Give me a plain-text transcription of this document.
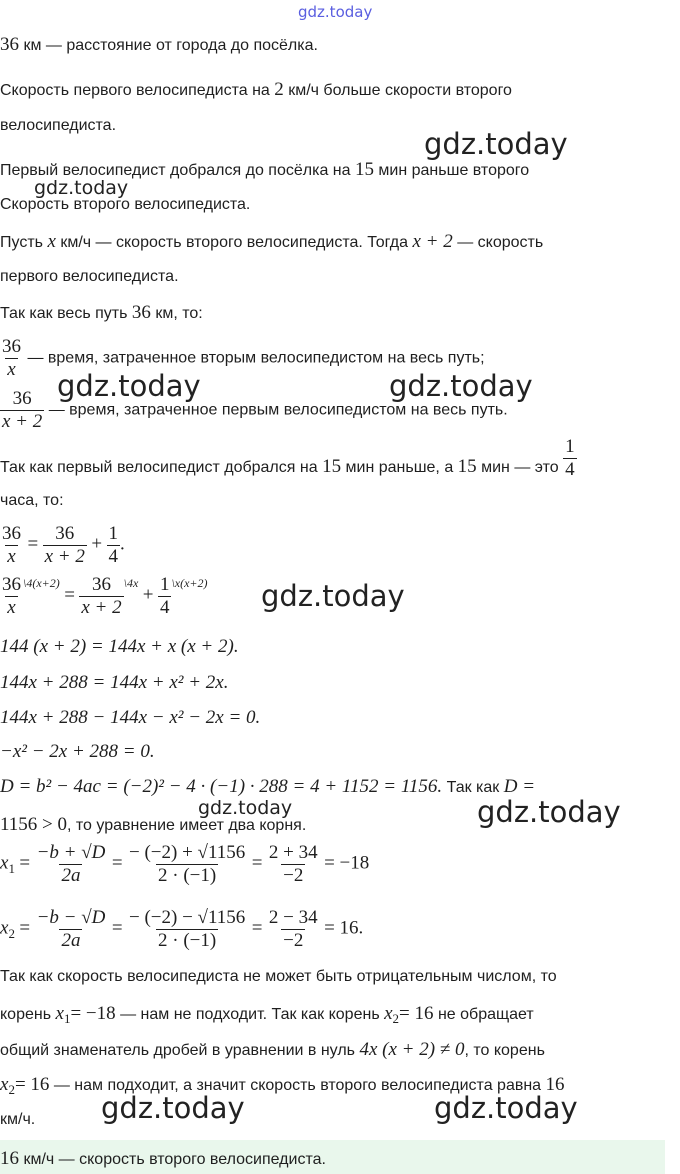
gdz.today
gdz.today
gdz.today
gdz.today	gdz.today
gdz.today
gdz.today	gdz.today
gdz.today	gdz.today
36 км — расстояние от города до посёлка.
Скорость первого велосипедиста на 2 км/ч больше скорости второго
велосипедиста.
Первый велосипедист добрался до посёлка на 15 мин раньше второго
Скорость второго велосипедиста.
Пусть x км/ч — скорость второго велосипедиста. Тогда x + 2 — скорость
первого велосипедиста.
Так как весь путь 36 км, то:
$\frac{36}{x}$ — время, затраченное вторым велосипедистом на весь путь;
$\frac{36}{x + 2}$ — время, затраченное первым велосипедистом на весь путь.
Так как первый велосипедист добрался на 15 мин раньше, а 15 мин — это $\frac{1}{4}$
часа, то:
$\frac{36}{x} = \frac{36}{x + 2} + \frac{1}{4}$ .
$\frac{36}{x} ^{\backslash 4(x+2)} = \frac{36}{x + 2} ^{\backslash 4x} + \frac{1}{4} ^{\backslash x(x+2)}$
144 (x + 2) = 144x + x (x + 2).
144x + 288 = 144x + x² + 2x.
144x + 288 − 144x − x² − 2x = 0.
−x² − 2x + 288 = 0.
D = b² − 4ac = (−2)² − 4 · (−1) · 288 = 4 + 1152 = 1156. Так как D =
1156 > 0, то уравнение имеет два корня.
$x_1 = \frac{-b + √D}{2a} = \frac{- (-2) + √1156}{2 \cdot (-1)} = \frac{2 + 34}{-2} = -18$
$x_2 = \frac{-b - √D}{2a} = \frac{- (-2) - √1156}{2 \cdot (-1)} = \frac{2 - 34}{-2} = 16$.
Так как скорость велосипедиста не может быть отрицательным числом, то
корень $x_1= -18$ — нам не подходит. Так как корень $x_2= 16$ не обращает
общий знаменатель дробей в уравнении в нуль 4x (x + 2) ≠ 0, то корень
$x_2= 16$ — нам подходит, а значит скорость второго велосипедиста равна 16
км/ч.
16 км/ч — скорость второго велосипедиста.
